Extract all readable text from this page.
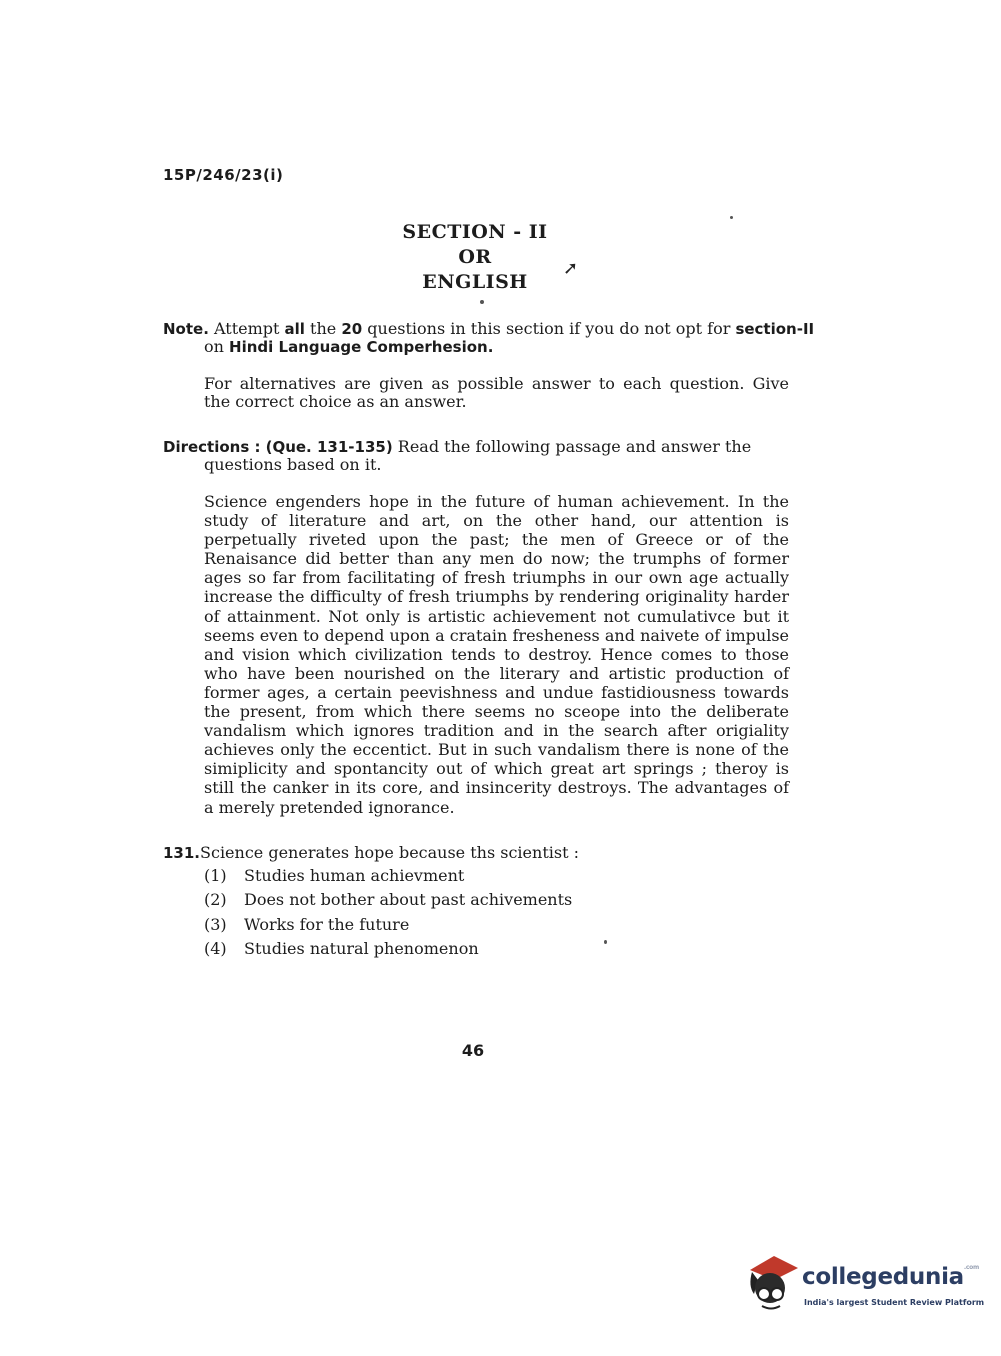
15P/246/23(i)
SECTION - II
OR
ENGLISH
➚
Note. Attempt all the 20 questions in this section if you do not opt for section-II on Hindi Language Comperhesion.
For alternatives are given as possible answer to each question. Give the correct choice as an answer.
Directions : (Que. 131-135) Read the following passage and answer the questions based on it.
Science engenders hope in the future of human achievement. In the study of literature and art, on the other hand, our attention is perpetually riveted upon the past; the men of Greece or of the Renaisance did better than any men do now; the trumphs of former ages so far from facilitating of fresh triumphs in our own age actually increase the difficulty of fresh triumphs by rendering originality harder of attainment. Not only is artistic achievement not cumulativce but it seems even to depend upon a cratain fresheness and naivete of impulse and vision which civilization tends to destroy. Hence comes to those who have been nourished on the literary and artistic production of former ages, a certain peevishness and undue fastidiousness towards the present, from which there seems no sceope into the deliberate vandalism which ignores tradition and in the search after origiality achieves only the eccentict. But in such vandalism there is none of the simiplicity and spontancity out of which great art springs ; theroy is still the canker in its core, and insincerity destroys. The advantages of a merely pretended ignorance.
131.Science generates hope because ths scientist :
(1)	Studies human achievment
(2)	Does not bother about past achivements
(3)	Works for the future
(4)	Studies natural phenomenon
46
collegedunia$^{.com}$
India's largest Student Review Platform
